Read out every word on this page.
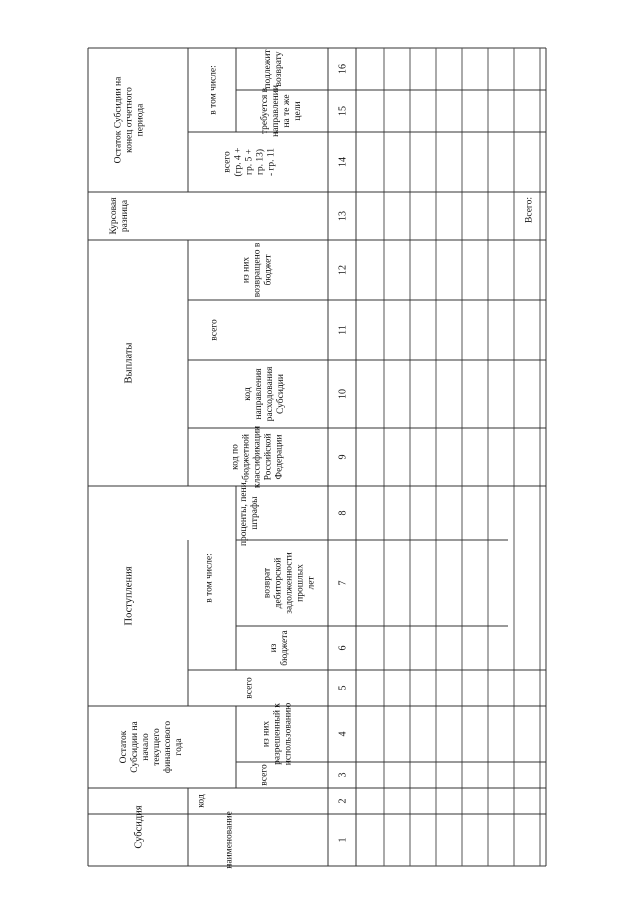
Субсидия	наименование
код
Остаток Субсидии на начало текущего финансового года
всего
из них разрешенный к использованию
Поступления
всего
в том числе:
из бюджета
возврат дебиторской задолженности прошлых лет
проценты, пени, штрафы
Выплаты
код по бюджетной классификации Российской Федерации
код направления расходования Субсидии
всего
из них возвращено в бюджет
Курсовая разница
Остаток Субсидии на конец отчетного периода
всего (гр. 4 + гр. 5 + гр. 13) - гр. 11
в том числе:	требуется в направлении на те же цели
подлежит возврату
1
2
3
4
5
6
7
8
9
10
11
12
13
14
15
16
Всего:
